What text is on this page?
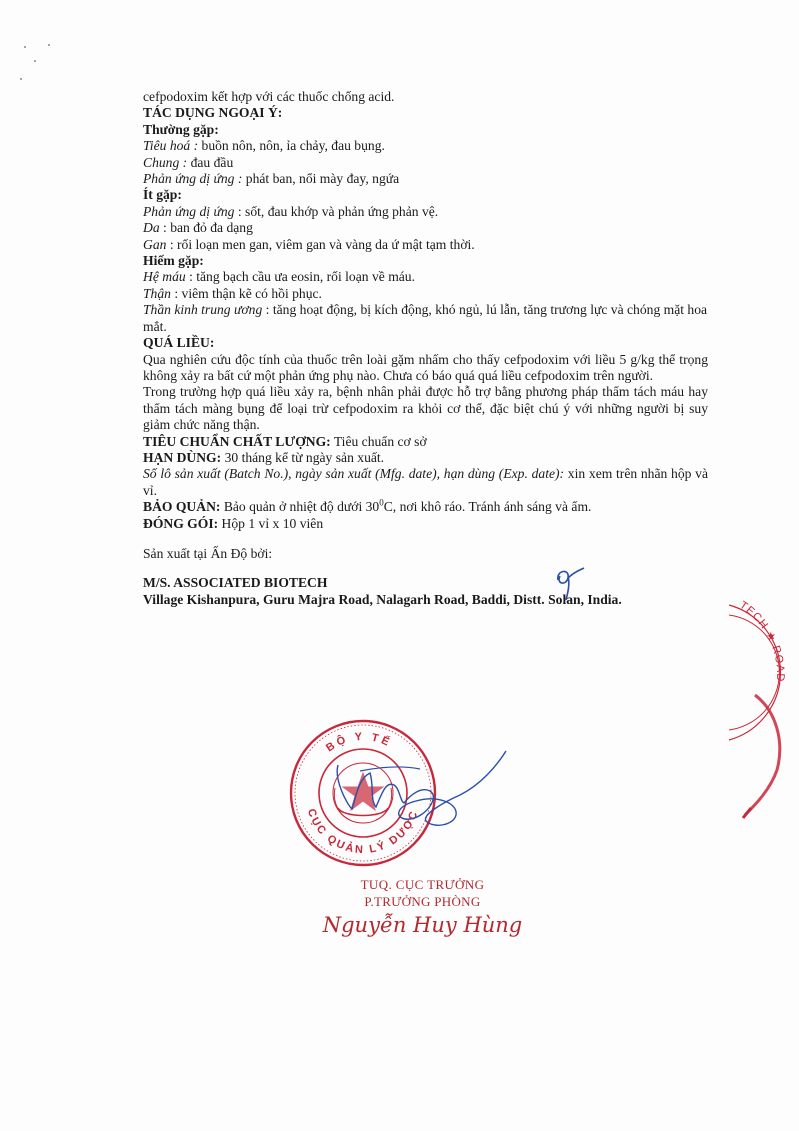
cefpodoxim kết hợp với các thuốc chống acid.

TÁC DỤNG NGOẠI Ý:

Thường gặp:

Tiêu hoá : buồn nôn, nôn, ỉa chảy, đau bụng.

Chung : đau đầu

Phản ứng dị ứng : phát ban, nổi mày đay, ngứa

Ít gặp:

Phản ứng dị ứng : sốt, đau khớp và phản ứng phản vệ.

Da : ban đỏ đa dạng

Gan : rối loạn men gan, viêm gan và vàng da ứ mật tạm thời.

Hiếm gặp:

Hệ máu : tăng bạch cầu ưa eosin, rối loạn về máu.

Thận : viêm thận kẽ có hồi phục.

Thần kinh trung ương : tăng hoạt động, bị kích động, khó ngủ, lú lẫn, tăng trương lực và chóng mặt hoa mắt.

QUÁ LIỀU:

Qua nghiên cứu độc tính của thuốc trên loài gặm nhấm cho thấy cefpodoxim với liều 5 g/kg thể trọng không xảy ra bất cứ một phản ứng phụ nào. Chưa có báo quá quá liều cefpodoxim trên người.

Trong trường hợp quá liều xảy ra, bệnh nhân phải được hỗ trợ bằng phương pháp thẩm tách máu hay thẩm tách màng bụng để loại trừ cefpodoxim ra khỏi cơ thể, đặc biệt chú ý với những người bị suy giảm chức năng thận.

TIÊU CHUẨN CHẤT LƯỢNG: Tiêu chuẩn cơ sở

HẠN DÙNG: 30 tháng kể từ ngày sản xuất.

Số lô sản xuất (Batch No.), ngày sản xuất (Mfg. date), hạn dùng (Exp. date): xin xem trên nhãn hộp và vỉ.

BẢO QUẢN: Bảo quản ở nhiệt độ dưới $30^0C$, nơi khô ráo. Tránh ánh sáng và ẩm.

ĐÓNG GÓI: Hộp 1 vỉ x 10 viên

Sản xuất tại Ấn Độ bởi:

M/S. ASSOCIATED BIOTECH

Village Kishanpura, Guru Majra Road, Nalagarh Road, Baddi, Distt. Solan, India.	TECH ★ ROAD
BỘ Y TẾ
CỤC QUẢN LÝ DƯỢC
TUQ. CỤC TRƯỞNG
P.TRƯỞNG PHÒNG
Nguyễn Huy Hùng
